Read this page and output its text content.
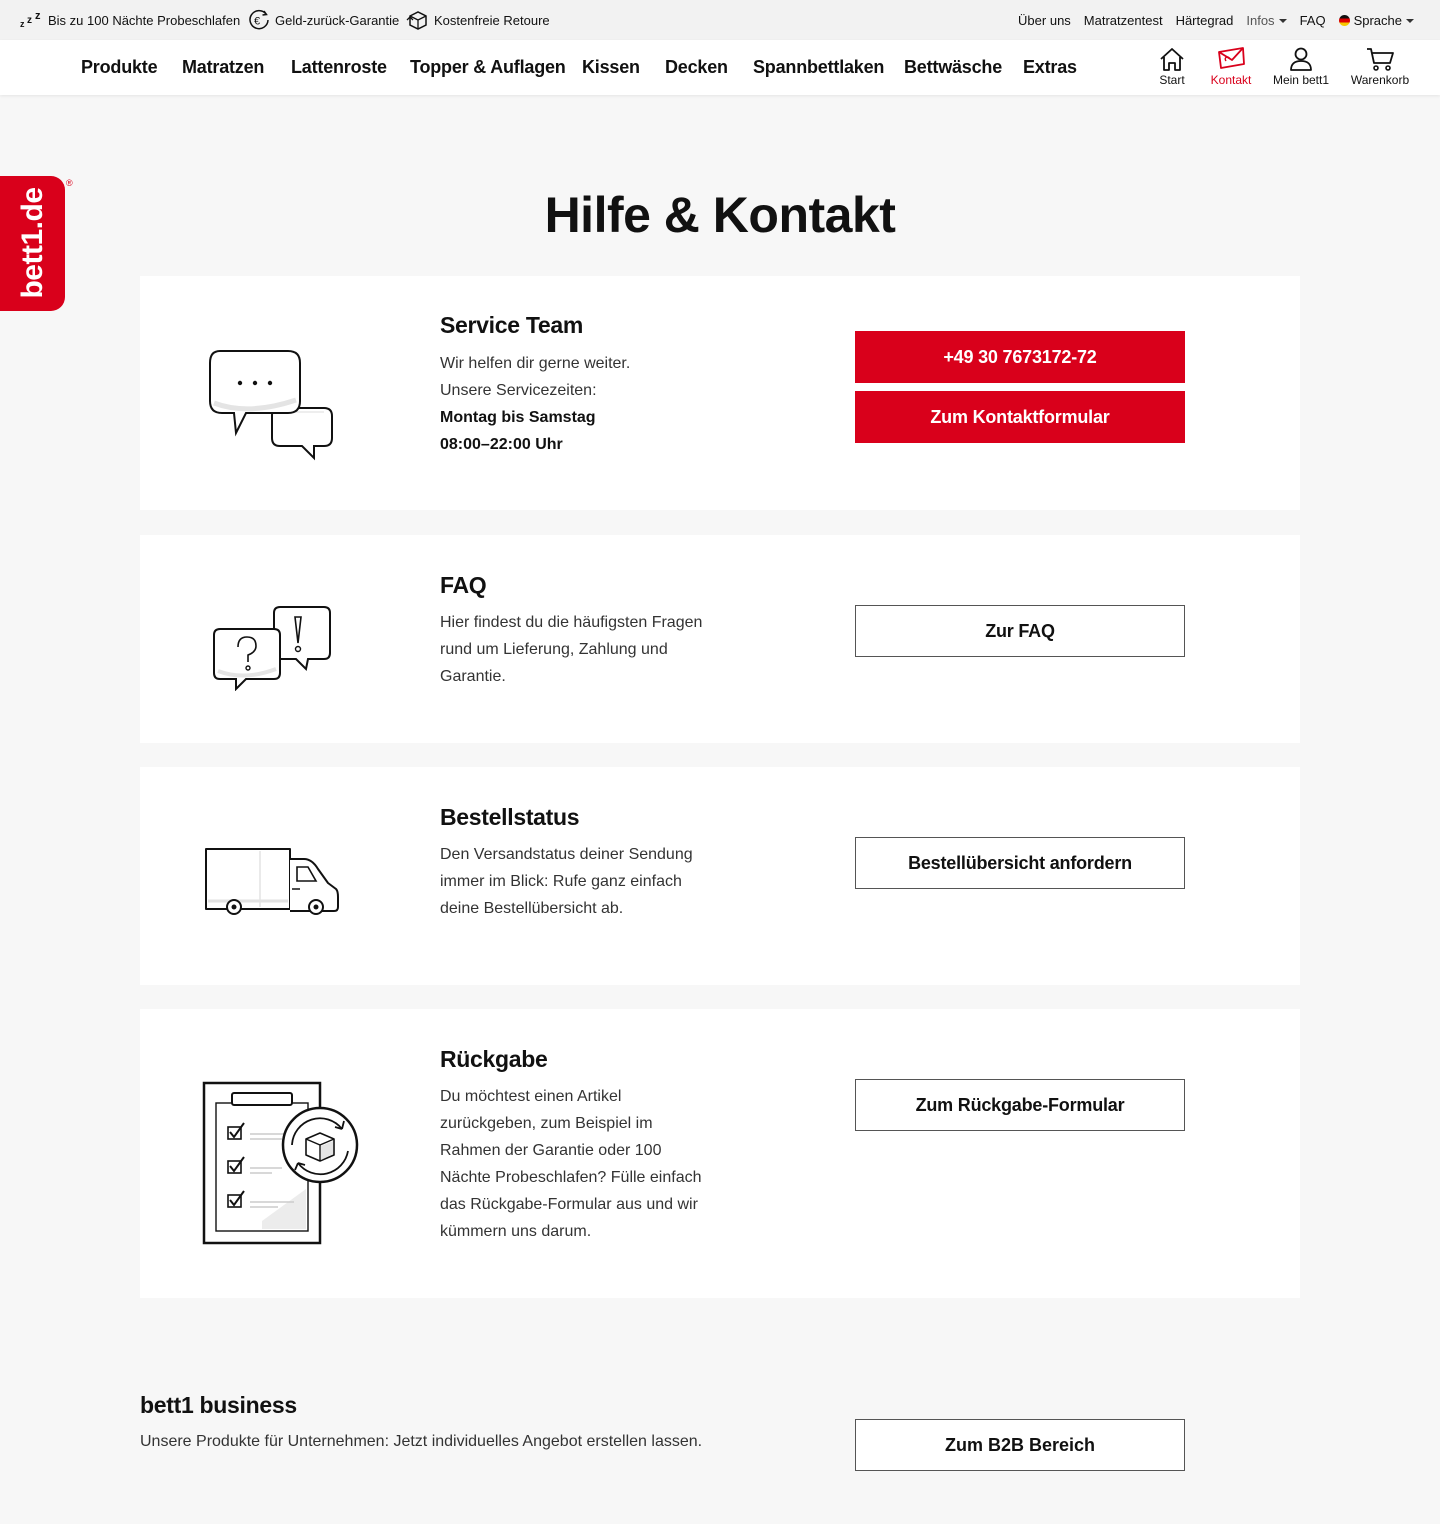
z z z Bis zu 100 Nächte Probeschlafen € Geld-zurück-Garantie	Kostenfreie Retoure	Über uns Matratzentest Härtegrad Infos	FAQ	Sprache
Produkte Matratzen Lattenroste Topper & Auflagen Kissen Decken Spannbettlaken Bettwäsche Extras
Start	Kontakt	Mein bett1	Warenkorb
bett1.de
®
Hilfe & Kontakt
Service Team
Wir helfen dir gerne weiter.
Unsere Servicezeiten:
Montag bis Samstag
08:00–22:00 Uhr
+49 30 7673172-72
Zum Kontaktformular
FAQ
Hier findest du die häufigsten Fragen rund um Lieferung, Zahlung und Garantie.
Zur FAQ
Bestellstatus
Den Versandstatus deiner Sendung immer im Blick: Rufe ganz einfach deine Bestellübersicht ab.
Bestellübersicht anfordern
Rückgabe
Du möchtest einen Artikel zurückgeben, zum Beispiel im Rahmen der Garantie oder 100 Nächte Probeschlafen? Fülle einfach das Rückgabe-Formular aus und wir kümmern uns darum.
Zum Rückgabe-Formular
bett1 business
Unsere Produkte für Unternehmen: Jetzt individuelles Angebot erstellen lassen.	Zum B2B Bereich
